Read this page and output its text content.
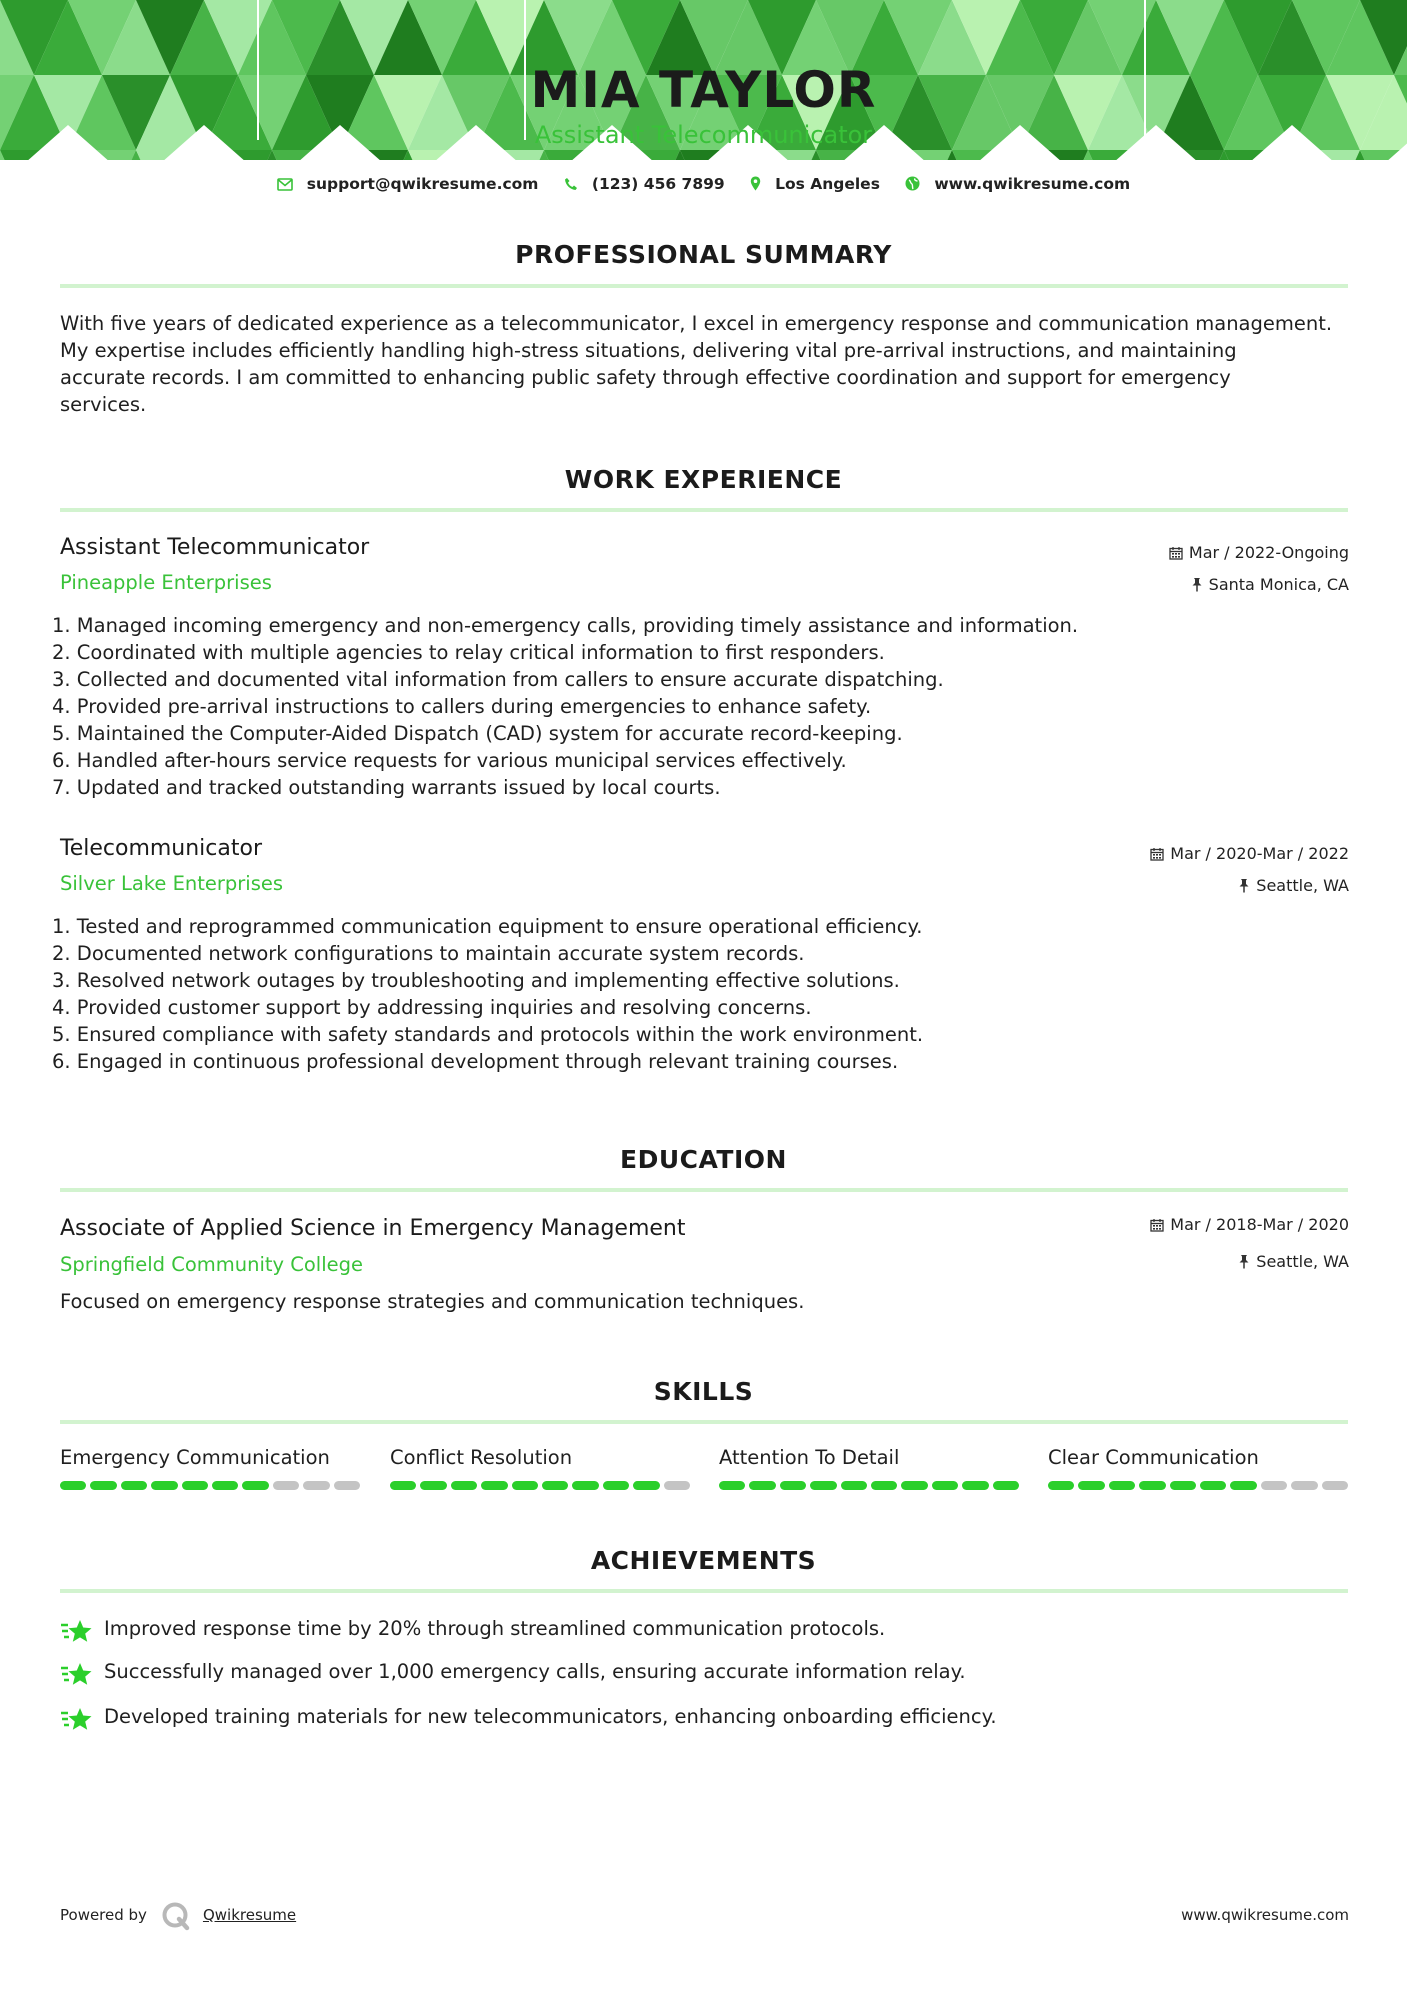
MIA TAYLOR
Assistant Telecommunicator
support@qwikresume.com	(123) 456 7899	Los Angeles	www.qwikresume.com
PROFESSIONAL SUMMARY
With five years of dedicated experience as a telecommunicator, I excel in emergency response and communication management.
My expertise includes efficiently handling high-stress situations, delivering vital pre-arrival instructions, and maintaining
accurate records. I am committed to enhancing public safety through effective coordination and support for emergency
services.
WORK EXPERIENCE
Assistant Telecommunicator
Pineapple Enterprises
Mar / 2022-Ongoing
Santa Monica, CA
1. Managed incoming emergency and non-emergency calls, providing timely assistance and information.
2. Coordinated with multiple agencies to relay critical information to first responders.
3. Collected and documented vital information from callers to ensure accurate dispatching.
4. Provided pre-arrival instructions to callers during emergencies to enhance safety.
5. Maintained the Computer-Aided Dispatch (CAD) system for accurate record-keeping.
6. Handled after-hours service requests for various municipal services effectively.
7. Updated and tracked outstanding warrants issued by local courts.
Telecommunicator
Silver Lake Enterprises
Mar / 2020-Mar / 2022
Seattle, WA
1. Tested and reprogrammed communication equipment to ensure operational efficiency.
2. Documented network configurations to maintain accurate system records.
3. Resolved network outages by troubleshooting and implementing effective solutions.
4. Provided customer support by addressing inquiries and resolving concerns.
5. Ensured compliance with safety standards and protocols within the work environment.
6. Engaged in continuous professional development through relevant training courses.
EDUCATION
Associate of Applied Science in Emergency Management
Springfield Community College
Mar / 2018-Mar / 2020
Seattle, WA
Focused on emergency response strategies and communication techniques.
SKILLS
Emergency Communication	Conflict Resolution	Attention To Detail	Clear Communication
ACHIEVEMENTS
Improved response time by 20% through streamlined communication protocols.
Successfully managed over 1,000 emergency calls, ensuring accurate information relay.
Developed training materials for new telecommunicators, enhancing onboarding efficiency.
Powered by	Qwikresume	www.qwikresume.com
